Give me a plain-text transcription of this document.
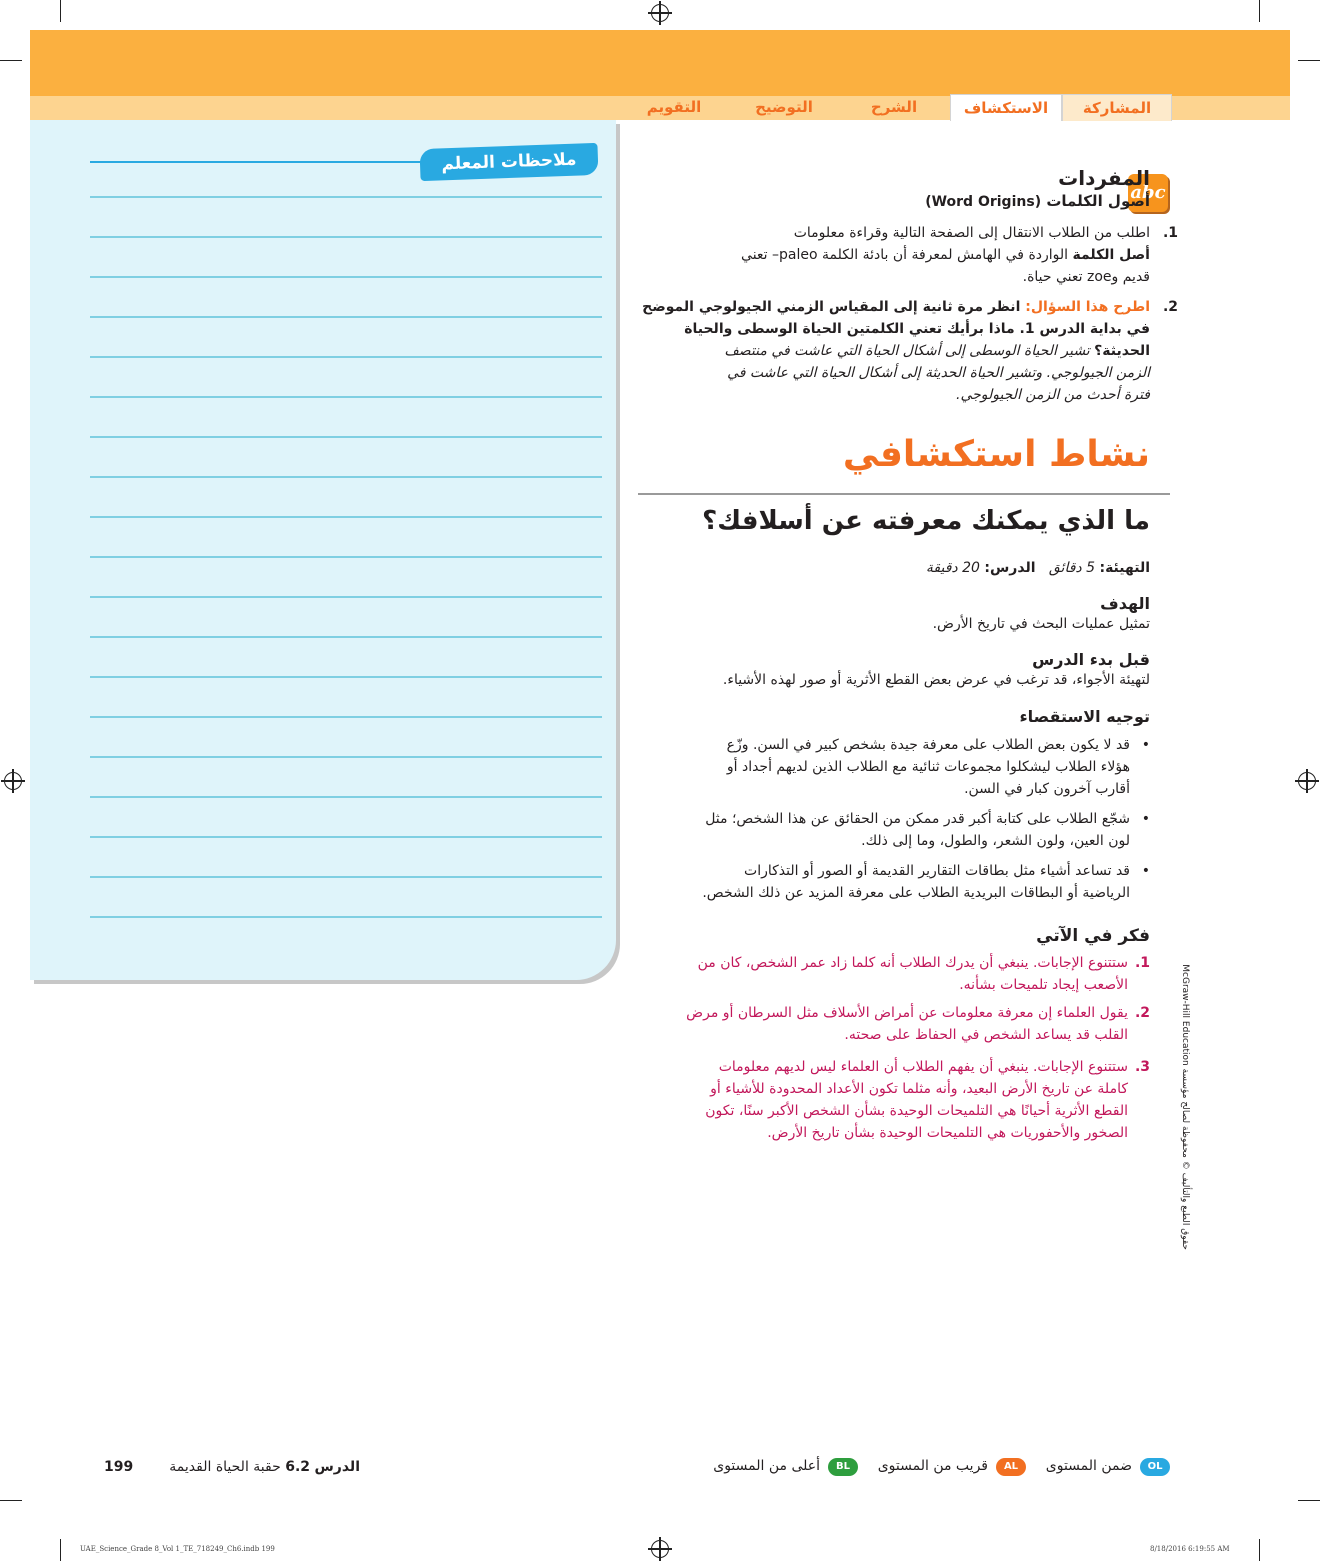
المشاركة
الاستكشاف
الشرح
التوضيح
التقويم
ملاحظات المعلم
abc
المفردات
أصول الكلمات (Word Origins)
.1
اطلب من الطلاب الانتقال إلى الصفحة التالية وقراءة معلومات
أصل الكلمة الواردة في الهامش لمعرفة أن بادئة الكلمة paleo– تعني
قديم وzoe تعني حياة.
.2
اطرح هذا السؤال: انظر مرة ثانية إلى المقياس الزمني الجيولوجي الموضح
في بداية الدرس 1. ماذا برأيك تعني الكلمتين الحياة الوسطى والحياة
الحديثة؟ تشير الحياة الوسطى إلى أشكال الحياة التي عاشت في منتصف
الزمن الجيولوجي. وتشير الحياة الحديثة إلى أشكال الحياة التي عاشت في
فترة أحدث من الزمن الجيولوجي.
نشاط استكشافي
ما الذي يمكنك معرفته عن أسلافك؟
التهيئة: 5 دقائق   الدرس: 20 دقيقة
الهدف
تمثيل عمليات البحث في تاريخ الأرض.
قبل بدء الدرس
لتهيئة الأجواء، قد ترغب في عرض بعض القطع الأثرية أو صور لهذه الأشياء.
توجيه الاستقصاء
•
قد لا يكون بعض الطلاب على معرفة جيدة بشخص كبير في السن. وزّع
هؤلاء الطلاب ليشكلوا مجموعات ثنائية مع الطلاب الذين لديهم أجداد أو
أقارب آخرون كبار في السن.
•
شجّع الطلاب على كتابة أكبر قدر ممكن من الحقائق عن هذا الشخص؛ مثل
لون العين، ولون الشعر، والطول، وما إلى ذلك.
•
قد تساعد أشياء مثل بطاقات التقارير القديمة أو الصور أو التذكارات
الرياضية أو البطاقات البريدية الطلاب على معرفة المزيد عن ذلك الشخص.
فكر في الآتي
.1
ستتنوع الإجابات. ينبغي أن يدرك الطلاب أنه كلما زاد عمر الشخص، كان من
الأصعب إيجاد تلميحات بشأنه.
.2
يقول العلماء إن معرفة معلومات عن أمراض الأسلاف مثل السرطان أو مرض
القلب قد يساعد الشخص في الحفاظ على صحته.
.3
ستتنوع الإجابات. ينبغي أن يفهم الطلاب أن العلماء ليس لديهم معلومات
كاملة عن تاريخ الأرض البعيد، وأنه مثلما تكون الأعداد المحدودة للأشياء أو
القطع الأثرية أحيانًا هي التلميحات الوحيدة بشأن الشخص الأكبر سنًا، تكون
الصخور والأحفوريات هي التلميحات الوحيدة بشأن تاريخ الأرض.
حقوق الطبع والتأليف © محفوظة لصالح مؤسسة McGraw-Hill Education
OL
ضمن المستوى
AL
قريب من المستوى
BL
أعلى من المستوى
الدرس 6.2 حقبة الحياة القديمة
199
UAE_Science_Grade 8_Vol 1_TE_718249_Ch6.indb 199	8/18/2016 6:19:55 AM
